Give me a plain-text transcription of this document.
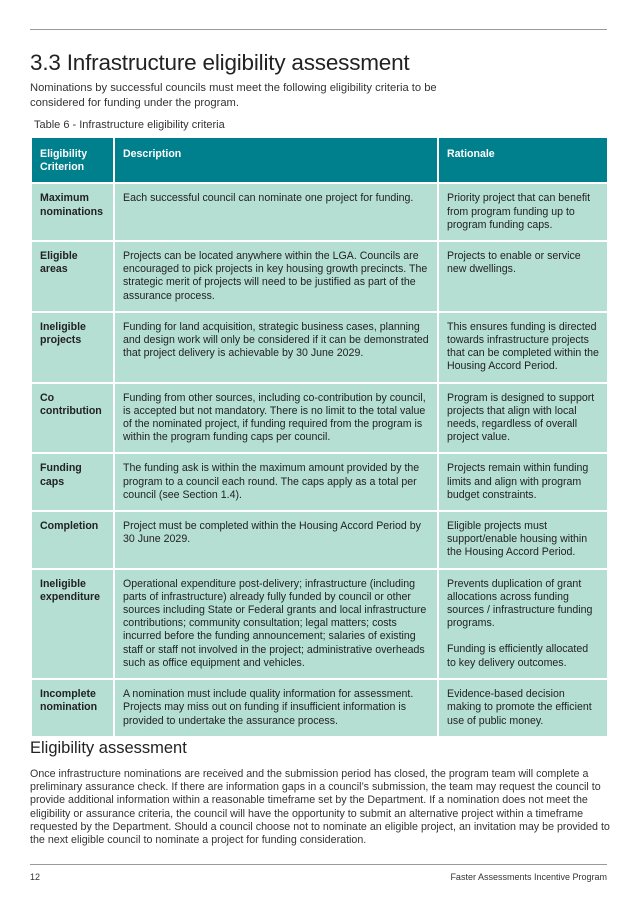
3.3 Infrastructure eligibility assessment

Nominations by successful councils must meet the following eligibility criteria to be considered for funding under the program.

Table 6 - Infrastructure eligibility criteria
Eligibility Criterion	Description	Rationale
Maximum nominations	Each successful council can nominate one project for funding.	Priority project that can benefit from program funding up to program funding caps.
Eligible areas	Projects can be located anywhere within the LGA. Councils are encouraged to pick projects in key housing growth precincts. The strategic merit of projects will need to be justified as part of the assurance process.	Projects to enable or service new dwellings.
Ineligible projects	Funding for land acquisition, strategic business cases, planning and design work will only be considered if it can be demonstrated that project delivery is achievable by 30 June 2029.	This ensures funding is directed towards infrastructure projects that can be completed within the Housing Accord Period.
Co contribution	Funding from other sources, including co-contribution by council, is accepted but not mandatory. There is no limit to the total value of the nominated project, if funding required from the program is within the program funding caps per council.	Program is designed to support projects that align with local needs, regardless of overall project value.
Funding caps	The funding ask is within the maximum amount provided by the program to a council each round. The caps apply as a total per council (see Section 1.4).	Projects remain within funding limits and align with program budget constraints.
Completion	Project must be completed within the Housing Accord Period by 30 June 2029.	Eligible projects must support/enable housing within the Housing Accord Period.
Ineligible expenditure	Operational expenditure post-delivery; infrastructure (including parts of infrastructure) already fully funded by council or other sources including State or Federal grants and local infrastructure contributions; community consultation; legal matters; costs incurred before the funding announcement; salaries of existing staff or staff not involved in the project; administrative overheads such as office equipment and vehicles.	Prevents duplication of grant allocations across funding sources / infrastructure funding programs.
Funding is efficiently allocated to key delivery outcomes.
Incomplete nomination	A nomination must include quality information for assessment. Projects may miss out on funding if insufficient information is provided to undertake the assurance process.	Evidence-based decision making to promote the efficient use of public money.
Eligibility assessment

Once infrastructure nominations are received and the submission period has closed, the program team will complete a preliminary assurance check. If there are information gaps in a council’s submission, the team may request the council to provide additional information within a reasonable timeframe set by the Department. If a nomination does not meet the eligibility or assurance criteria, the council will have the opportunity to submit an alternative project within a timeframe requested by the Department. Should a council choose not to nominate an eligible project, an invitation may be provided to the next eligible council to nominate a project for funding consideration.

12	Faster Assessments Incentive Program
